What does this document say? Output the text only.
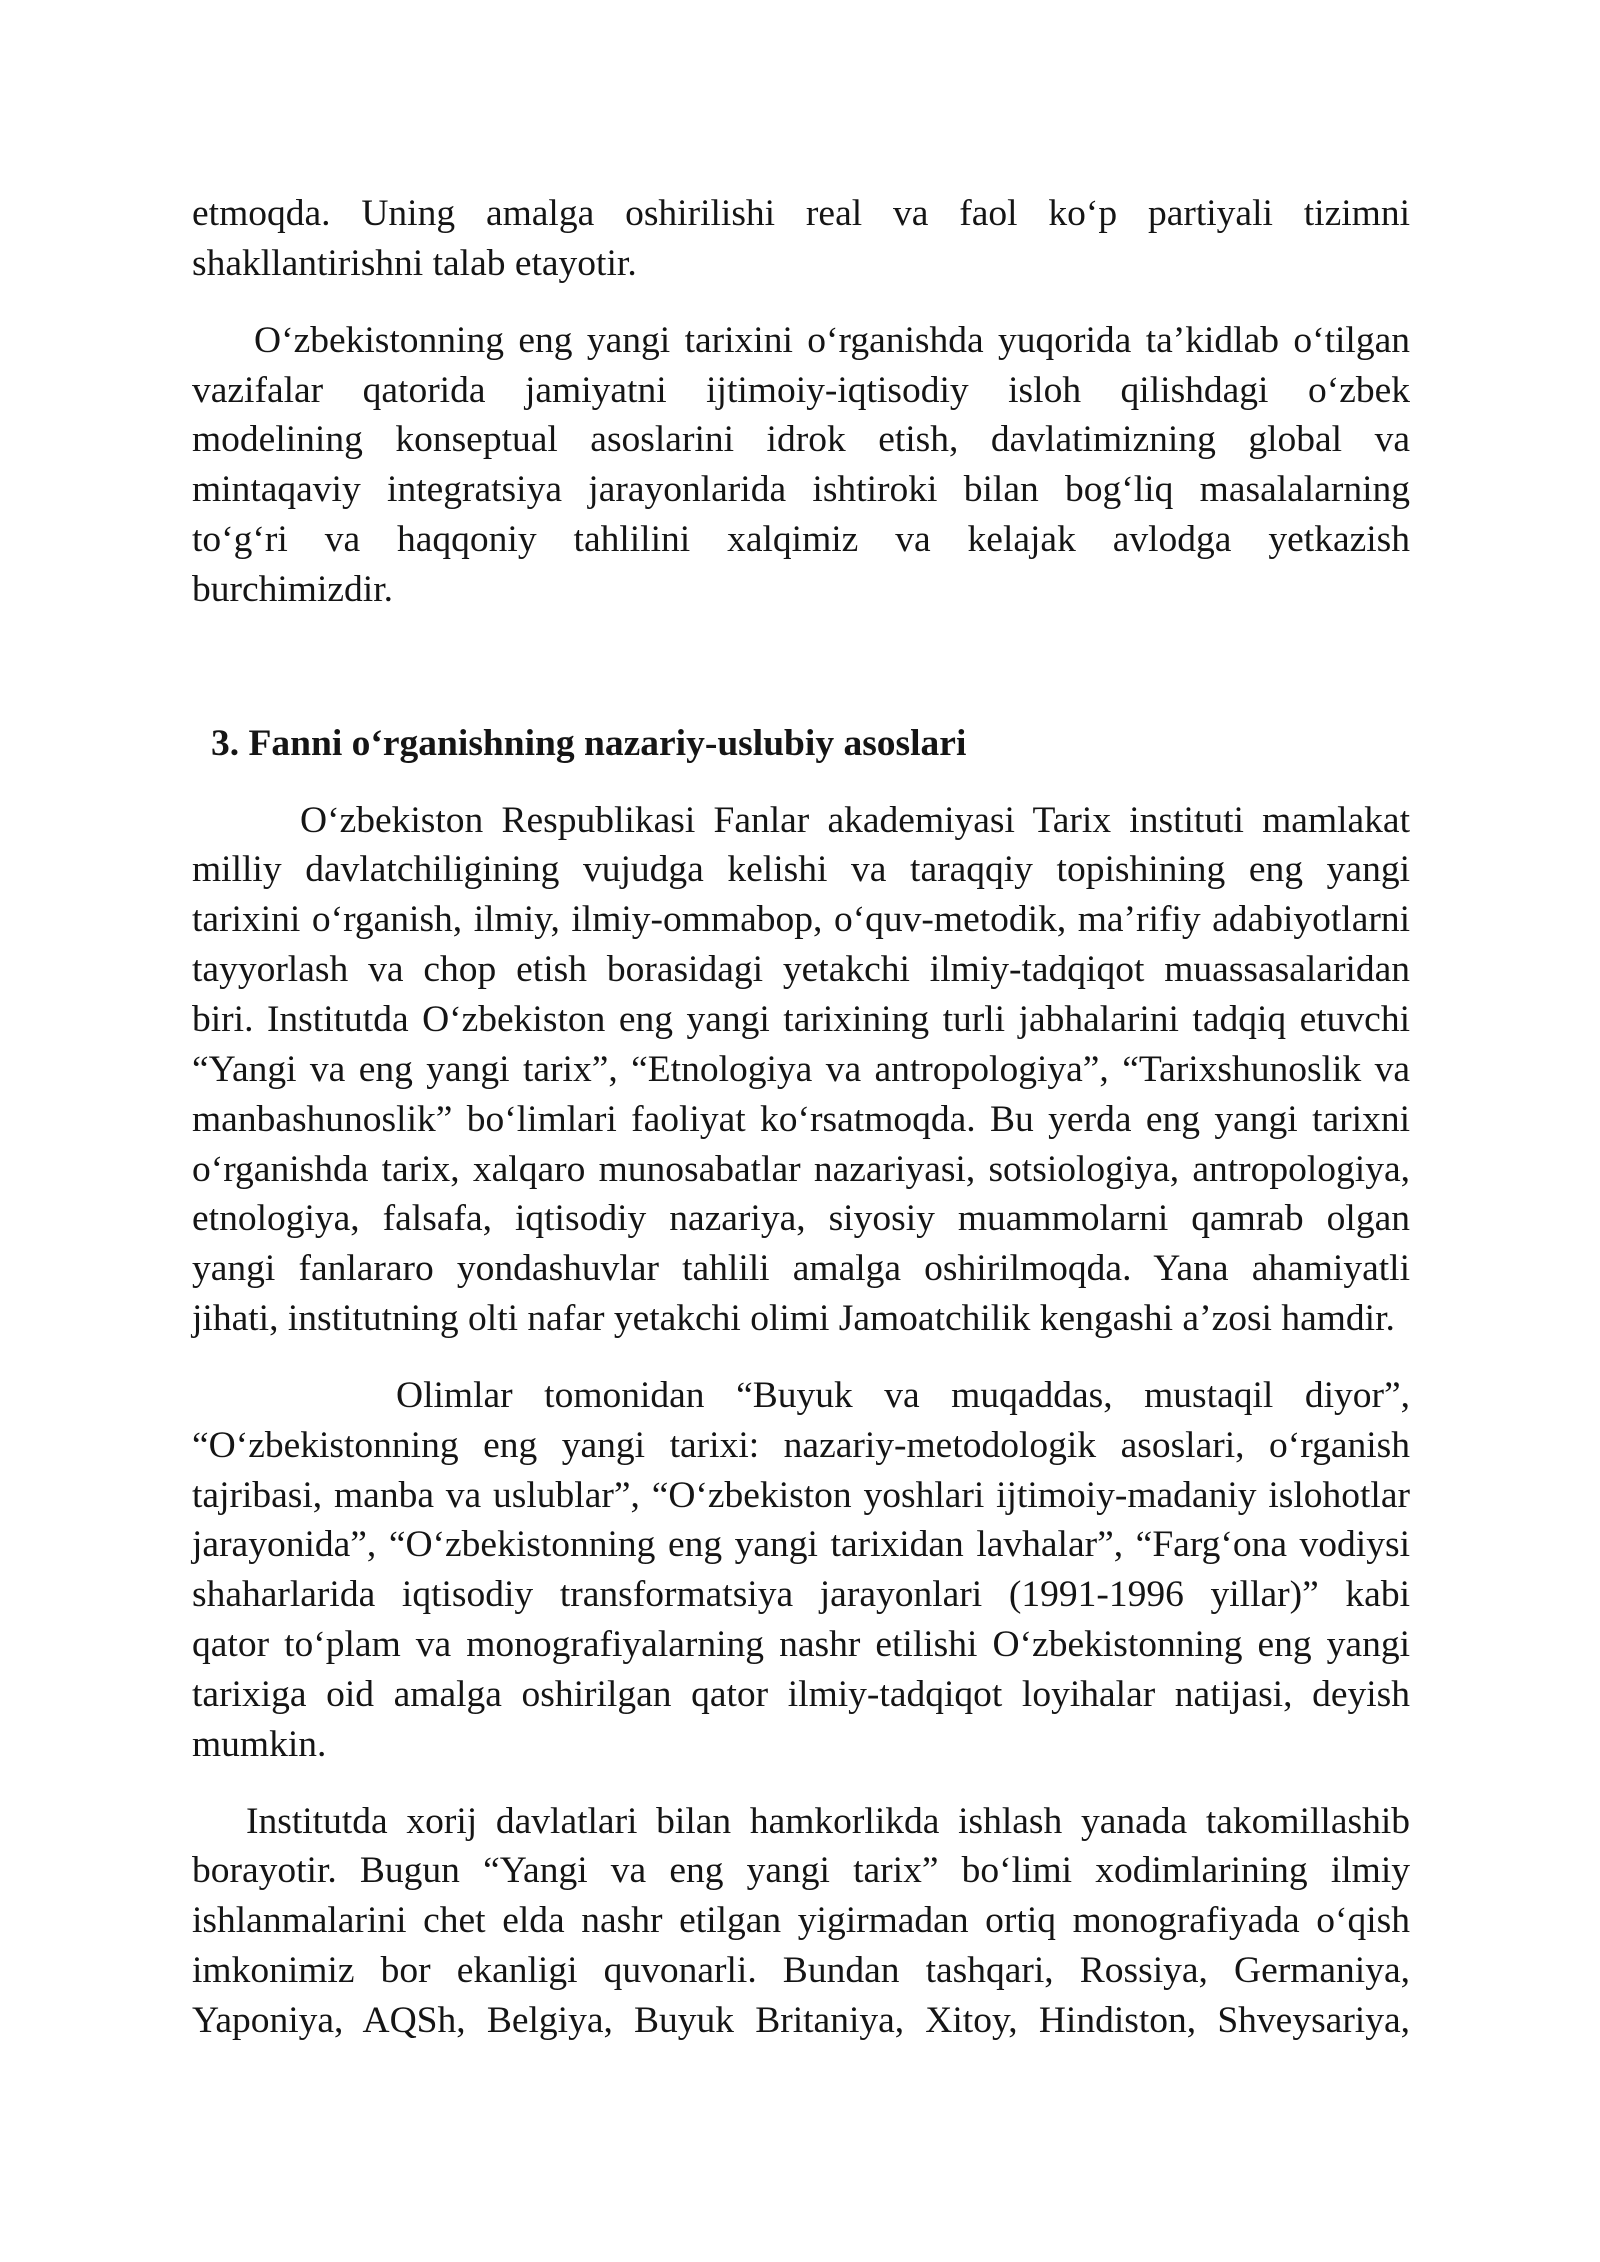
etmoqda. Uning amalga oshirilishi real va faol ko‘p partiyali tizimni
shakllantirishni talab etayotir.
O‘zbekistonning eng yangi tarixini o‘rganishda yuqorida ta’kidlab o‘tilgan
vazifalar qatorida jamiyatni ijtimoiy-iqtisodiy isloh qilishdagi o‘zbek
modelining konseptual asoslarini idrok etish, davlatimizning global va
mintaqaviy integratsiya jarayonlarida ishtiroki bilan bog‘liq masalalarning
to‘g‘ri va haqqoniy tahlilini xalqimiz va kelajak avlodga yetkazish
burchimizdir.
3. Fanni o‘rganishning nazariy-uslubiy asoslari
O‘zbekiston Respublikasi Fanlar akademiyasi Tarix instituti mamlakat
milliy davlatchiligining vujudga kelishi va taraqqiy topishining eng yangi
tarixini o‘rganish, ilmiy, ilmiy-ommabop, o‘quv-metodik, ma’rifiy adabiyotlarni
tayyorlash va chop etish borasidagi yetakchi ilmiy-tadqiqot muassasalaridan
biri. Institutda O‘zbekiston eng yangi tarixining turli jabhalarini tadqiq etuvchi
“Yangi va eng yangi tarix”, “Etnologiya va antropologiya”, “Tarixshunoslik va
manbashunoslik” bo‘limlari faoliyat ko‘rsatmoqda. Bu yerda eng yangi tarixni
o‘rganishda tarix, xalqaro munosabatlar nazariyasi, sotsiologiya, antropologiya,
etnologiya, falsafa, iqtisodiy nazariya, siyosiy muammolarni qamrab olgan
yangi fanlararo yondashuvlar tahlili amalga oshirilmoqda. Yana ahamiyatli
jihati, institutning olti nafar yetakchi olimi Jamoatchilik kengashi a’zosi hamdir.
Olimlar tomonidan “Buyuk va muqaddas, mustaqil diyor”,
“O‘zbekistonning eng yangi tarixi: nazariy-metodologik asoslari, o‘rganish
tajribasi, manba va uslublar”, “O‘zbekiston yoshlari ijtimoiy-madaniy islohotlar
jarayonida”, “O‘zbekistonning eng yangi tarixidan lavhalar”, “Farg‘ona vodiysi
shaharlarida iqtisodiy transformatsiya jarayonlari (1991-1996 yillar)” kabi
qator to‘plam va monografiyalarning nashr etilishi O‘zbekistonning eng yangi
tarixiga oid amalga oshirilgan qator ilmiy-tadqiqot loyihalar natijasi, deyish
mumkin.
Institutda xorij davlatlari bilan hamkorlikda ishlash yanada takomillashib
borayotir. Bugun “Yangi va eng yangi tarix” bo‘limi xodimlarining ilmiy
ishlanmalarini chet elda nashr etilgan yigirmadan ortiq monografiyada o‘qish
imkonimiz bor ekanligi quvonarli. Bundan tashqari, Rossiya, Germaniya,
Yaponiya, AQSh, Belgiya, Buyuk Britaniya, Xitoy, Hindiston, Shveysariya,
